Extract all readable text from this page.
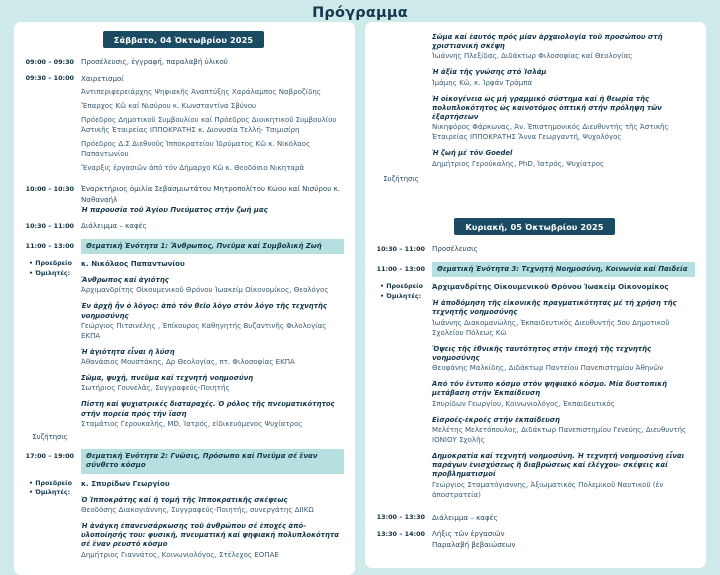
Πρόγραμμα
Σάββατο, 04 Ὀκτωβρίου 2025
09:00 – 09:30 Προσέλευσις, ἐγγραφή, παραλαβή ὑλικοῦ
09:30 – 10:00 Χαιρετισμοί
Ἀντιπεριφερειάρχης Ψηφιακῆς Ἀναπτύξης Χαράλαμπος Ναβροζίδης
Ἔπαρχος Κῶ καί Νισύρου κ. Κωνσταντίνα Σβύνου
Πρόεδρος Δημοτικοῦ Συμβουλίου καί Πρόεδρος Διοικητικοῦ Συμβουλίου Ἀστικῆς Ἑταιρείας ΙΠΠΟΚΡΑΤΗΣ κ. Διονυσία Τελλή- Τσιμισίρη
Πρόεδρος Δ.Σ Διεθνοῦς Ἱπποκρατείου Ἱδρύματος Κῶ κ. Νικόλαος Παπαντωνίου
Ἔναρξις ἐργασιῶν ἀπό τόν Δήμαρχο Κῶ κ. Θεοδόσιο Νικηταρᾶ
10:00 – 10:30 Ἐναρκτήριος ὁμιλία Σεβασμιωτάτου Μητροπολίτου Κώου καί Νισύρου κ. Ναθαναήλ
Ἡ παρουσία τοῦ Ἁγίου Πνεύματος στήν ζωή μας
10:30 – 11:00 Διάλειμμα – καφές
11:00 – 13:00	Θεματική Ἑνότητα 1: Ἄνθρωπος, Πνεῦμα καί Συμβολική Ζωή
• Προεδρείο
• Όμιλητές:
κ. Νικόλαος Παπαντωνίου
Ἄνθρωπος καί ἁγιότης
Ἀρχιμανδρίτης Οἰκουμενικοῦ Θρόνου Ἰωακείμ Οἰκονομίκος, Θεολόγος
Ἐν ἀρχῇ ἦν ὁ λόγος: ἀπό τόν θεῖο λόγο στόν λόγο τῆς τεχνητῆς νοημοσύνης
Γεώργιος Πιτσινέλης , Ἐπίκουρος Καθηγητής Βυζαντινῆς Φιλολογίας ΕΚΠΑ
Ἡ ἁγιότητα εἶναι ἡ λύση
Ἀθανάσιος Μουστάκης, Δρ Θεολογίας, πτ. Φιλοσοφίας ΕΚΠΑ
Σῶμα, ψυχή, πνεῦμα καί τεχνητή νοημοσύνη
Σωτήριος Γουνελᾶς, Συγγραφεύς-Ποιητής
Πίστη καί ψυχιατρικές διαταραχές. Ὁ ρόλος τῆς πνευματικότητος στήν πορεία πρός τήν ἴαση
Σταμάτιος Γερουκαλής, MD, Ἰατρός, εἰδικευόμενος Ψυχίατρος
Συζήτησις
17:00 – 19:00	Θεματική Ἑνότητα 2: Γνῶσις, Πρόσωπο καί Πνεῦμα σέ ἕναν σύνθετο κόσμο
• Προεδρείο
• Όμιλητές:
κ. Σπυρίδων Γεωργίου
Ὁ Ἱπποκράτης καί ἡ τομή τῆς Ἱπποκρατικῆς σκέψεως
Θεοδόσης Διακογιάννης, Συγγραφεύς-Ποιητής, συνεργάτης ΔΙΙΚΩ
Ἡ ἀνάγκη ἐπανενσάρκωσης τοῦ ἀνθρώπου σέ ἐποχές ἀπό-υλοποίησής του: φυσική, πνευματική καί ψηφιακή πολυπλοκότητα σέ ἕναν ρευστό κόσμο
Δημήτριος Γιαννάτος, Κοινωνιολόγος, Στέλεχος ΕΟΠΑΕ
Σῶμα καί ἑαυτός πρός μίαν ἀρχαιολογία τοῦ προσώπου στή χριστιανική σκέψη
Ἰωάννης Πλεξίδας, Διδάκτωρ Φιλοσοφίας καί Θεολογίας
Ἡ ἀξία τῆς γνώσης στό Ἰσλάμ
Ἰμάμης Κῶ, κ. Ἰρφάν Τράμπα
Ἡ οἰκογένεια ὡς μή γραμμικό σύστημα καί ἡ θεωρία τῆς πολυπλοκότητος ὡς καινοτόμος ὀπτική στήν πρόληψη τῶν ἐξαρτήσεων
Νικηφόρος Φάρκωνας, Ἀν. Ἐπιστημονικός Διευθυντής τῆς Ἀστικῆς Ἑταιρείας ΙΠΠΟΚΡΑΤΗΣ Ἄννα Γεωργαντή, Ψυχολόγος
Ἡ ζωή μέ τόν Goedel
Δημήτριος Γερούκαλης, PhD, Ἰατρός, Ψυχίατρος
Συζήτησις
Κυριακή, 05 Ὀκτωβρίου 2025
10:30 – 11:00 Προσέλευσις
11:00 – 13:00	Θεματική Ἑνότητα 3: Τεχνητή Νοημοσύνη, Κοινωνία καί Παιδεία
• Προεδρείο
• Όμιλητές:
Ἀρχιμανδρίτης Οἰκουμενικοῦ Θρόνου Ἰωακείμ Οἰκονομίκος
Ἡ ἀποδόμηση τῆς εἰκονικῆς πραγματικότητας μέ τή χρήση τῆς τεχνητῆς νοημοσύνης
Ἰωάννης Διακομανώλης, Ἐκπαιδευτικός Διευθυντής 5ου Δημοτικοῦ Σχολείου Πόλεως Κῶ
Ὄψεις τῆς ἐθνικῆς ταυτότητος στήν ἐποχή τῆς τεχνητῆς νοημοσύνης
Θεοφάνης Μαλκίδης, Διδάκτωρ Παντείου Πανεπιστημίου Ἀθηνῶν
Ἀπό τόν ἔντυπο κόσμο στόν ψηφιακό κόσμο. Μία δυστοπική μετάβαση στήν Ἐκπαίδευση
Σπυρίδων Γεωργίου, Κοινωνιολόγος, Ἐκπαιδευτικός
Εἰσροές-ἐκροές στήν ἐκπαίδευση
Μελέτης Μελετόπουλος, Διδάκτωρ Πανεπιστημίου Γενεύης, Διευθυντής ΙΟΝΙΟΥ Σχολῆς
Δημοκρατία καί τεχνητή νοημοσύνη. Ἡ τεχνητή νοημοσύνη εἶναι παράγων ἐνισχύσεως ἤ διαβρώσεως καί ἐλέγχου- σκέψεις καί προβληματισμοί
Γεώργιος Σταματόγιαννης, Ἀξιωματικός Πολεμικοῦ Ναυτικοῦ (ἐν ἀποστρατεία)
13:00 – 13:30 Διάλειμμα – καφές
13:30 – 14:00 Λήξις τῶν ἐργασιῶν
Παραλαβή βεβαιώσεων
